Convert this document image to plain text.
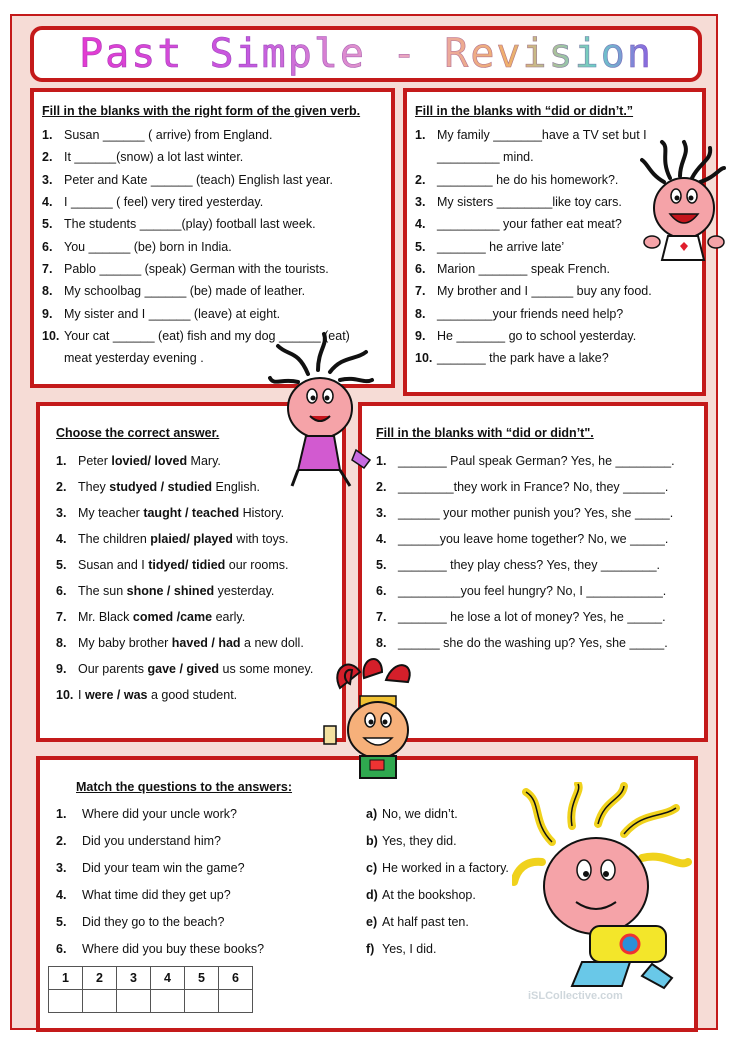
Past Simple - Revision
Fill in the blanks with the right form of the given verb.
1. Susan ______ ( arrive) from England.
2. It ______(snow) a lot last winter.
3. Peter and Kate ______ (teach) English last year.
4. I ______ ( feel) very tired yesterday.
5. The students ______(play) football last week.
6. You ______ (be) born in India.
7. Pablo ______ (speak) German with the tourists.
8. My schoolbag ______ (be) made of leather.
9. My sister and I ______ (leave) at eight.
10. Your cat ______ (eat) fish and my dog ______ (eat)
meat yesterday evening .
Fill in the blanks with “did or didn’t.”
1. My family _______have a TV set but I
_________ mind.
2. ________ he do his homework?.
3. My sisters ________like toy cars.
4. _________ your father eat meat?
5. _______ he arrive late’
6. Marion _______ speak French.
7. My brother and I ______ buy any food.
8. ________your friends need help?
9. He _______ go to school yesterday.
10. _______ the park have a lake?
Choose the correct answer.
1. Peter lovied/ loved Mary.
2. They studyed / studied English.
3. My teacher taught / teached History.
4. The children plaied/ played with toys.
5. Susan and I tidyed/ tidied our rooms.
6. The sun shone / shined yesterday.
7. Mr. Black comed /came early.
8. My baby brother haved / had a new doll.
9. Our parents gave / gived us some money.
10. I were / was a good student.
Fill in the blanks with “did or didn’t".
1. _______ Paul speak German? Yes, he ________.
2. ________they work in France? No, they ______.
3. ______ your mother punish you? Yes, she _____.
4. ______you leave home together? No, we _____.
5. _______ they play chess? Yes, they ________.
6. _________you feel hungry? No, I ___________.
7. _______ he lose a lot of money? Yes, he _____.
8. ______ she do the washing up? Yes, she _____.
Match the questions to the answers:
1.	Where did your uncle work?
2.	Did you understand him?
3.	Did your team win the game?
4.	What time did they get up?
5.	Did they go to the beach?
6.	Where did you buy these books?
a) No, we didn’t.
b) Yes, they did.
c) He worked in a factory.
d) At the bookshop.
e) At half past ten.
f) Yes, I did.
1	2	3	4	5	6

iSLCollective.com
